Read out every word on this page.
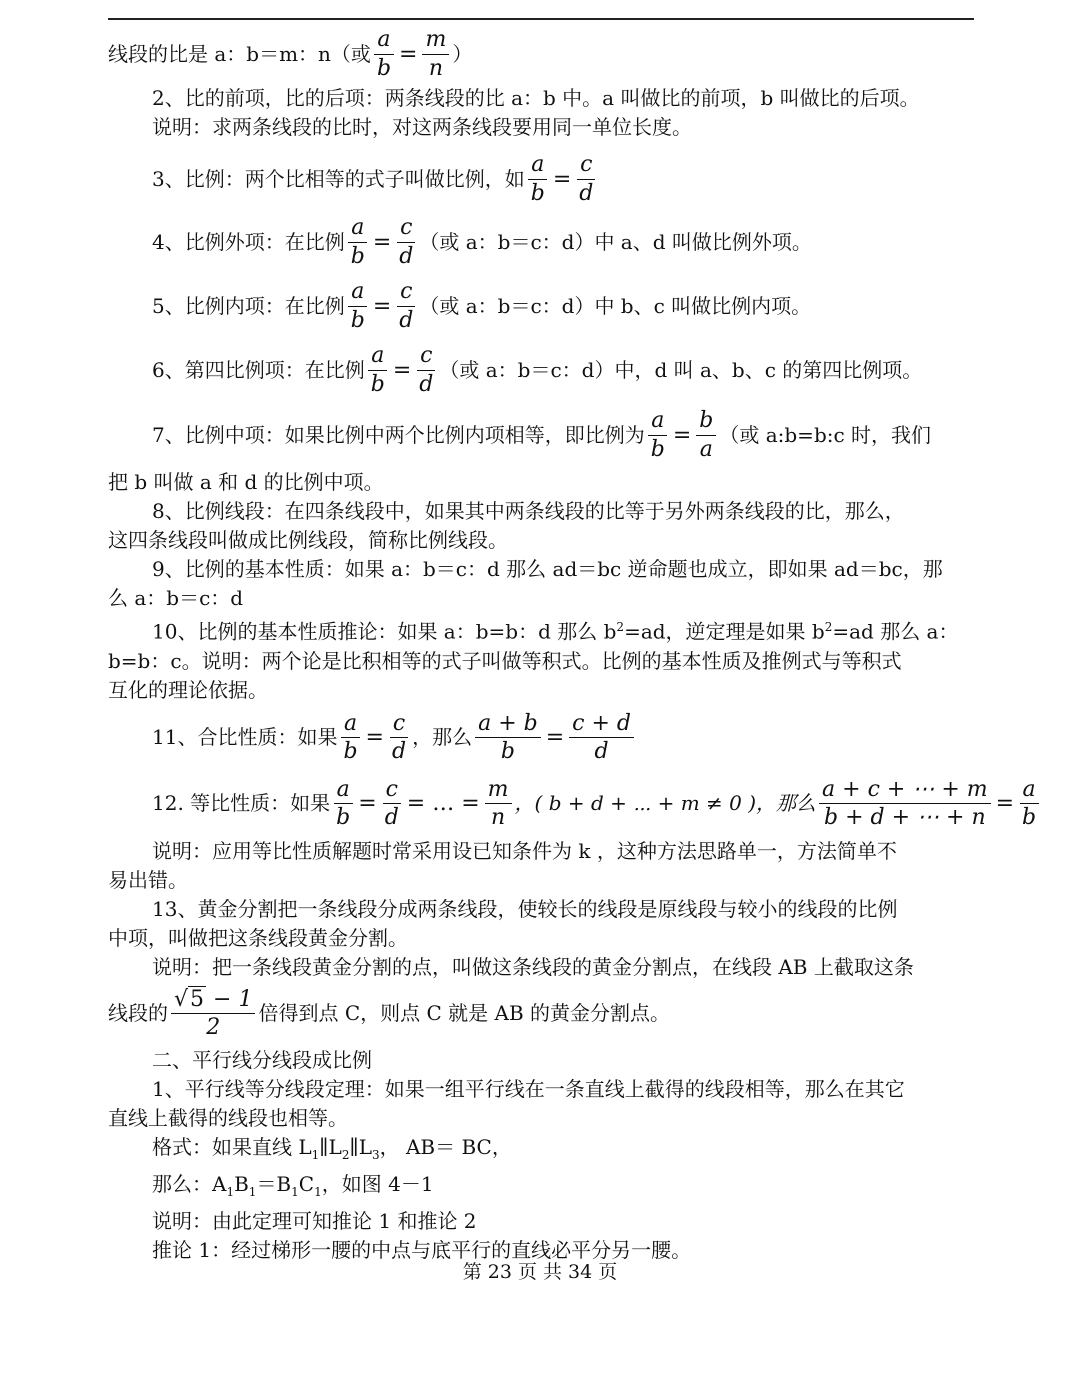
线段的比是 a：b＝m：n（或 $\frac{a}{b} = \frac{m}{n}$ ）
2、比的前项，比的后项：两条线段的比 a：b 中。a 叫做比的前项，b 叫做比的后项。
说明：求两条线段的比时，对这两条线段要用同一单位长度。
3、比例：两个比相等的式子叫做比例，如 $\frac{a}{b} = \frac{c}{d}$
4、比例外项：在比例 $\frac{a}{b} = \frac{c}{d}$ （或 a：b＝c：d）中 a、d 叫做比例外项。
5、比例内项：在比例 $\frac{a}{b} = \frac{c}{d}$ （或 a：b＝c：d）中 b、c 叫做比例内项。
6、第四比例项：在比例 $\frac{a}{b} = \frac{c}{d}$ （或 a：b＝c：d）中，d 叫 a、b、c 的第四比例项。
7、比例中项：如果比例中两个比例内项相等，即比例为 $\frac{a}{b} = \frac{b}{a}$ （或 a:b=b:c 时，我们
把 b 叫做 a 和 d 的比例中项。
8、比例线段：在四条线段中，如果其中两条线段的比等于另外两条线段的比，那么，
这四条线段叫做成比例线段，简称比例线段。
9、比例的基本性质：如果 a：b＝c：d 那么 ad＝bc 逆命题也成立，即如果 ad＝bc，那
么 a：b＝c：d
10、比例的基本性质推论：如果 a：b=b：d 那么 $b^2=ad$，逆定理是如果 $b^2=ad$ 那么 a：
b=b：c。说明：两个论是比积相等的式子叫做等积式。比例的基本性质及推例式与等积式
互化的理论依据。
11、合比性质：如果 $\frac{a}{b} = \frac{c}{d}$ ，那么 $\frac{a + b}{b} = \frac{c + d}{d}$
12. 等比性质：如果 $\frac{a}{b} = \frac{c}{d}$ = … = $\frac{m}{n}$ ，( b + d + ⋯ + m ≠ 0 )，那么 $\frac{a + c + \cdots + m}{b + d + \cdots + n} = \frac{a}{b}$
说明：应用等比性质解题时常采用设已知条件为 k ，这种方法思路单一，方法简单不
易出错。
13、黄金分割把一条线段分成两条线段，使较长的线段是原线段与较小的线段的比例
中项，叫做把这条线段黄金分割。
说明：把一条线段黄金分割的点，叫做这条线段的黄金分割点，在线段 AB 上截取这条
线段的 $\frac{√5 - 1}{2}$ 倍得到点 C，则点 C 就是 AB 的黄金分割点。
二、平行线分线段成比例
1、平行线等分线段定理：如果一组平行线在一条直线上截得的线段相等，那么在其它
直线上截得的线段也相等。
格式：如果直线 $L_1\parallel L_2\parallel L_3$， AB＝ BC，
那么：$A_1B_1=B_1C_1$，如图 4－1
说明：由此定理可知推论 1 和推论 2
推论 1：经过梯形一腰的中点与底平行的直线必平分另一腰。
第 23 页 共 34 页
